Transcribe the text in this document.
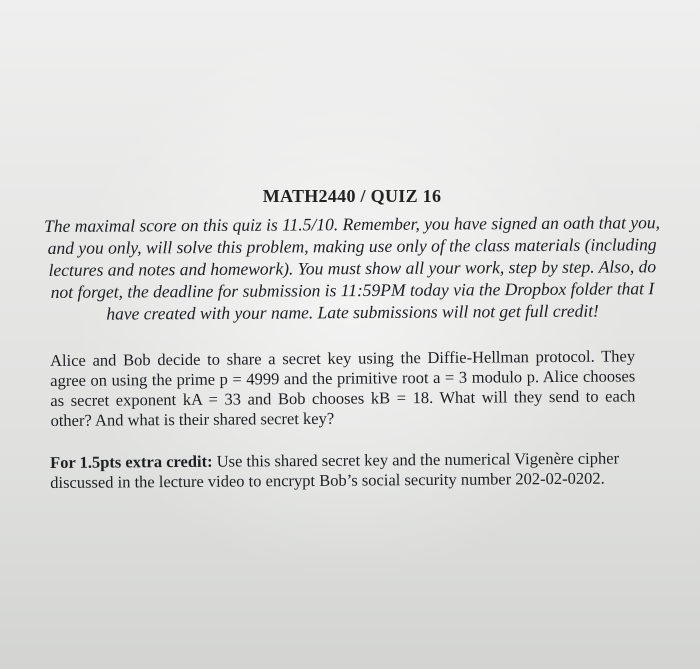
MATH2440 / QUIZ 16

The maximal score on this quiz is 11.5/10. Remember, you have signed an oath that you, and you only, will solve this problem, making use only of the class materials (including lectures and notes and homework). You must show all your work, step by step. Also, do not forget, the deadline for submission is 11:59PM today via the Dropbox folder that I have created with your name. Late submissions will not get full credit!

Alice and Bob decide to share a secret key using the Diffie-Hellman protocol. They agree on using the prime p = 4999 and the primitive root a = 3 modulo p. Alice chooses as secret exponent kA = 33 and Bob chooses kB = 18. What will they send to each other? And what is their shared secret key?

For 1.5pts extra credit: Use this shared secret key and the numerical Vigenère cipher discussed in the lecture video to encrypt Bob’s social security number 202-02-0202.
